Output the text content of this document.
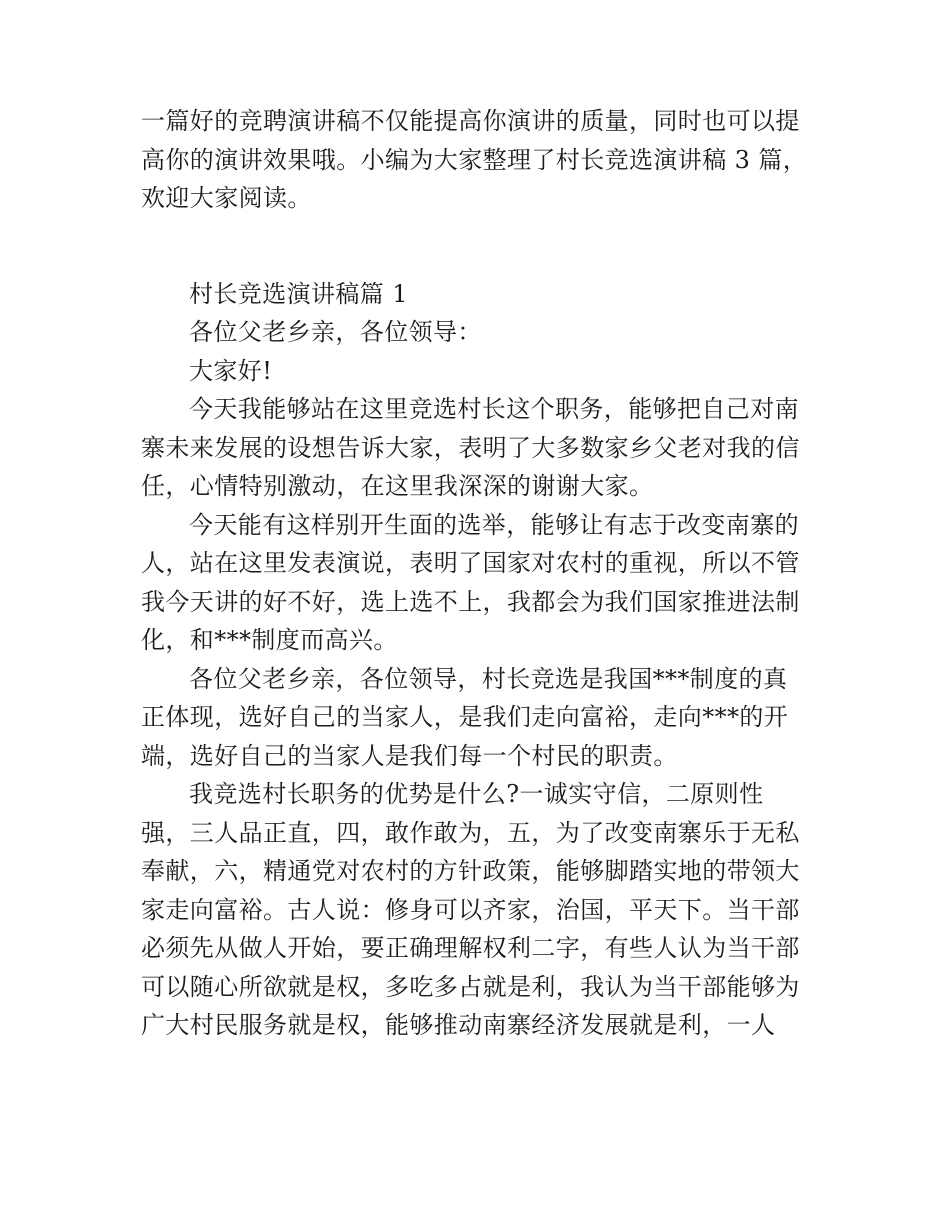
一篇好的竞聘演讲稿不仅能提高你演讲的质量，同时也可以提
高你的演讲效果哦。小编为大家整理了村长竞选演讲稿 3 篇，
欢迎大家阅读。

村长竞选演讲稿篇 1

各位父老乡亲，各位领导：

大家好!

今天我能够站在这里竞选村长这个职务，能够把自己对南
寨未来发展的设想告诉大家，表明了大多数家乡父老对我的信
任，心情特别激动，在这里我深深的谢谢大家。

今天能有这样别开生面的选举，能够让有志于改变南寨的
人，站在这里发表演说，表明了国家对农村的重视，所以不管
我今天讲的好不好，选上选不上，我都会为我们国家推进法制
化，和***制度而高兴。

各位父老乡亲，各位领导，村长竞选是我国***制度的真
正体现，选好自己的当家人，是我们走向富裕，走向***的开
端，选好自己的当家人是我们每一个村民的职责。

我竞选村长职务的优势是什么?一诚实守信，二原则性
强，三人品正直，四，敢作敢为，五，为了改变南寨乐于无私
奉献，六，精通党对农村的方针政策，能够脚踏实地的带领大
家走向富裕。古人说：修身可以齐家，治国，平天下。当干部
必须先从做人开始，要正确理解权利二字，有些人认为当干部
可以随心所欲就是权，多吃多占就是利，我认为当干部能够为
广大村民服务就是权，能够推动南寨经济发展就是利，一人
